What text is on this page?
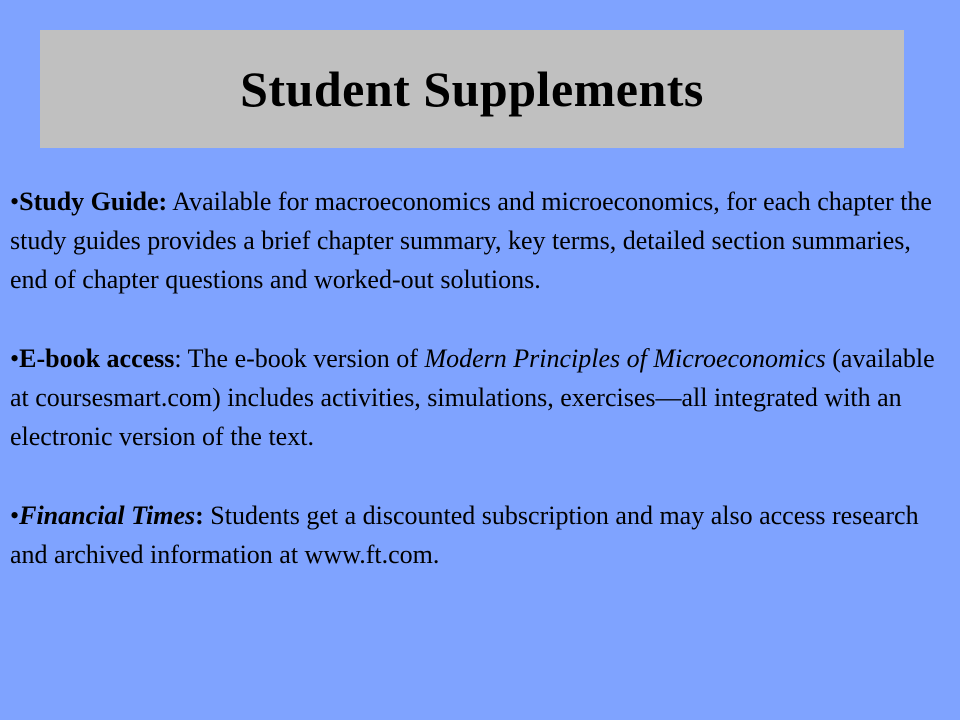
Student Supplements

•Study Guide: Available for macroeconomics and microeconomics, for each chapter the study guides provides a brief chapter summary, key terms, detailed section summaries, end of chapter questions and worked-out solutions.

•E-book access: The e-book version of Modern Principles of Microeconomics (available at coursesmart.com) includes activities, simulations, exercises—all integrated with an electronic version of the text.

•Financial Times: Students get a discounted subscription and may also access research and archived information at www.ft.com.
